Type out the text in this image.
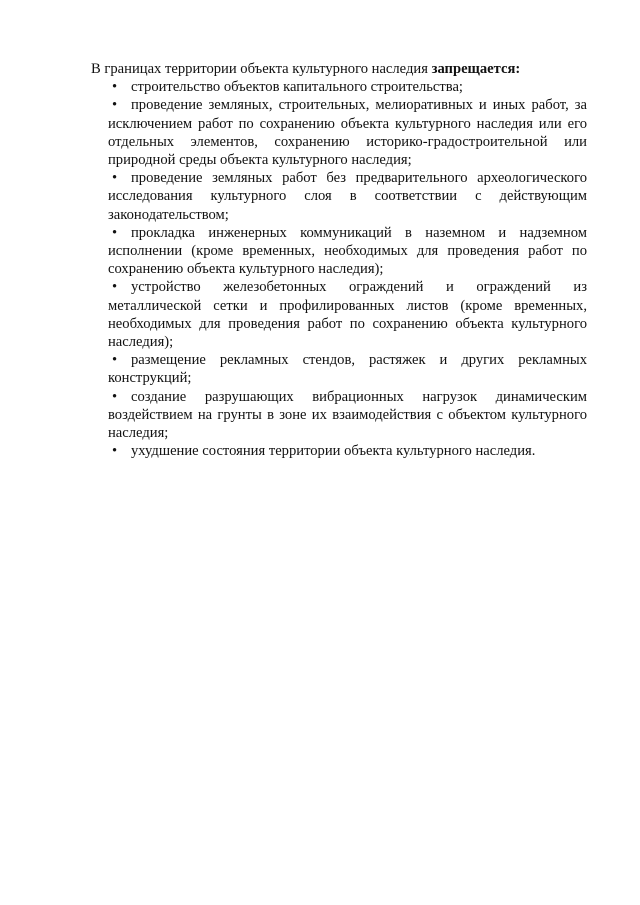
В границах территории объекта культурного наследия запрещается:

• строительство объектов капитального строительства;
• проведение земляных, строительных, мелиоративных и иных работ, за исключением работ по сохранению объекта культурного наследия или его отдельных элементов, сохранению историко-градостроительной или природной среды объекта культурного наследия;
• проведение земляных работ без предварительного археологического исследования культурного слоя в соответствии с действующим законодательством;
• прокладка инженерных коммуникаций в наземном и надземном исполнении (кроме временных, необходимых для проведения работ по сохранению объекта культурного наследия);
• устройство железобетонных ограждений и ограждений из металлической сетки и профилированных листов (кроме временных, необходимых для проведения работ по сохранению объекта культурного наследия);
• размещение рекламных стендов, растяжек и других рекламных конструкций;
• создание разрушающих вибрационных нагрузок динамическим воздействием на грунты в зоне их взаимодействия с объектом культурного наследия;
• ухудшение состояния территории объекта культурного наследия.
